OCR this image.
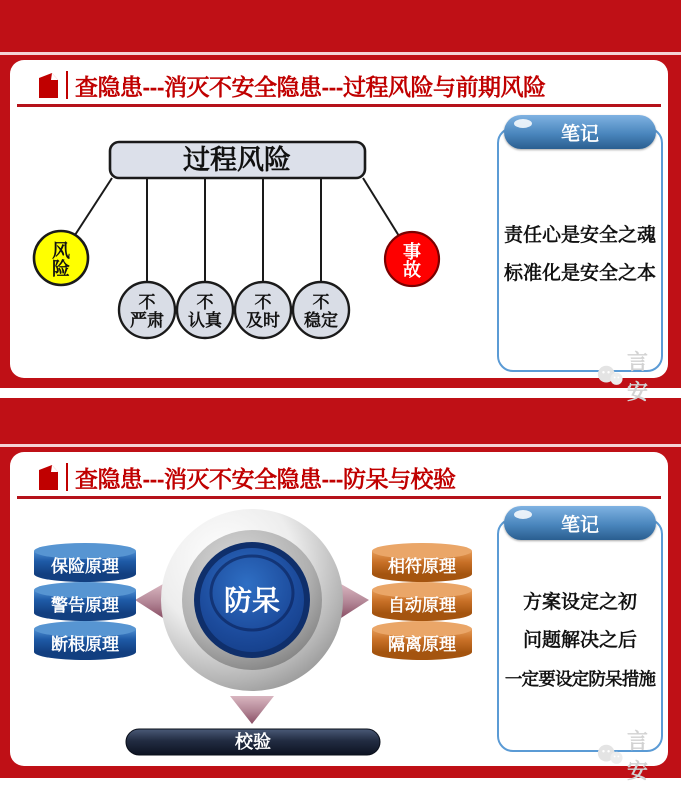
查隐患---消灭不安全隐患---过程风险与前期风险
过程风险
风
险
事
故
不
严肃
不
认真
不
及时
不
稳定
笔记

责任心是安全之魂

标准化是安全之本

言安
查隐患---消灭不安全隐患---防呆与校验
防呆
保险原理
警告原理
断根原理
相符原理
自动原理
隔离原理
校验
笔记

方案设定之初

问题解决之后

一定要设定防呆措施

言安
